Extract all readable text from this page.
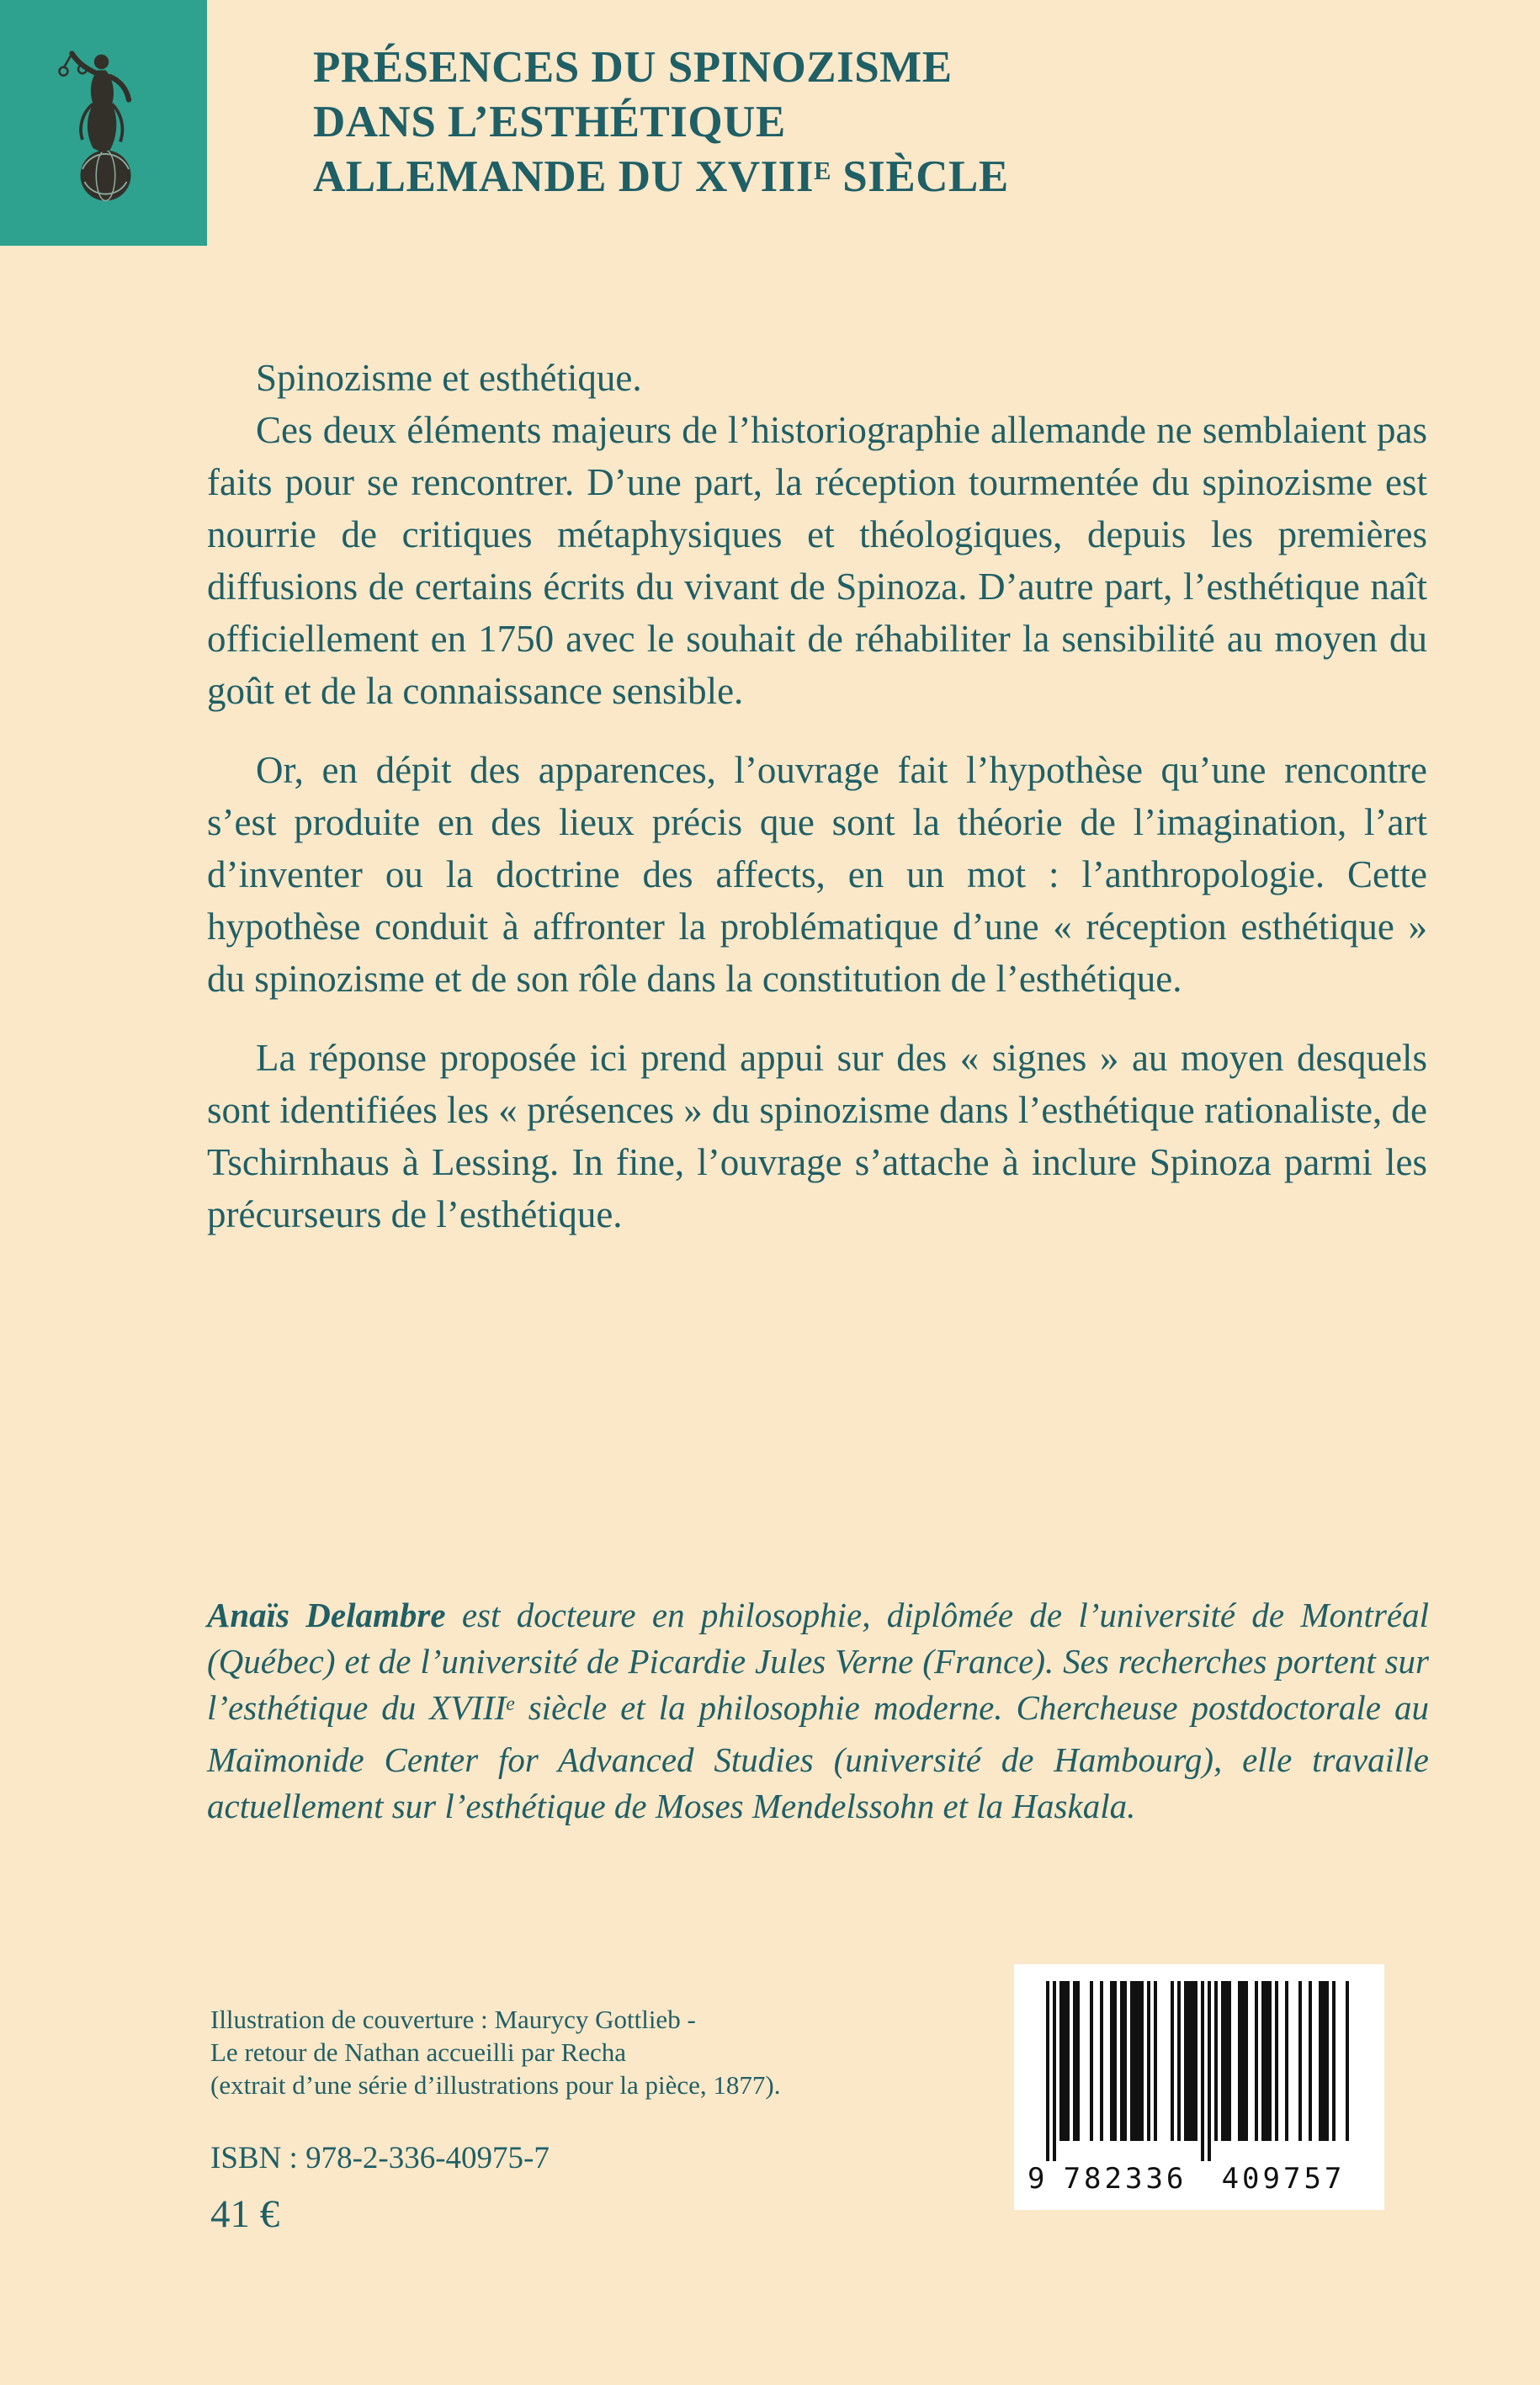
PRÉSENCES DU SPINOZISME
DANS L’ESTHÉTIQUE
ALLEMANDE DU $XVIII^E$ SIÈCLE

Spinozisme et esthétique.

Ces deux éléments majeurs de l’historiographie allemande ne semblaient pas faits pour se rencontrer. D’une part, la réception tourmentée du spinozisme est nourrie de critiques métaphysiques et théologiques, depuis les premières diffusions de certains écrits du vivant de Spinoza. D’autre part, l’esthétique naît officiellement en 1750 avec le souhait de réhabiliter la sensibilité au moyen du goût et de la connaissance sensible.

Or, en dépit des apparences, l’ouvrage fait l’hypothèse qu’une rencontre s’est produite en des lieux précis que sont la théorie de l’imagination, l’art d’inventer ou la doctrine des affects, en un mot : l’anthropologie. Cette hypothèse conduit à affronter la problématique d’une « réception esthétique » du spinozisme et de son rôle dans la constitution de l’esthétique.

La réponse proposée ici prend appui sur des « signes » au moyen desquels sont identifiées les « présences » du spinozisme dans l’esthétique rationaliste, de Tschirnhaus à Lessing. In fine, l’ouvrage s’attache à inclure Spinoza parmi les précurseurs de l’esthétique.

Anaïs Delambre est docteure en philosophie, diplômée de l’université de Montréal (Québec) et de l’université de Picardie Jules Verne (France). Ses recherches portent sur l’esthétique du XVIIIe siècle et la philosophie moderne. Chercheuse postdoctorale au Maïmonide Center for Advanced Studies (université de Hambourg), elle travaille actuellement sur l’esthétique de Moses Mendelssohn et la Haskala.
Illustration de couverture : Maurycy Gottlieb -
Le retour de Nathan accueilli par Recha
(extrait d’une série d’illustrations pour la pièce, 1877).
ISBN : 978-2-336-40975-7
41 €
9 782336 409757
